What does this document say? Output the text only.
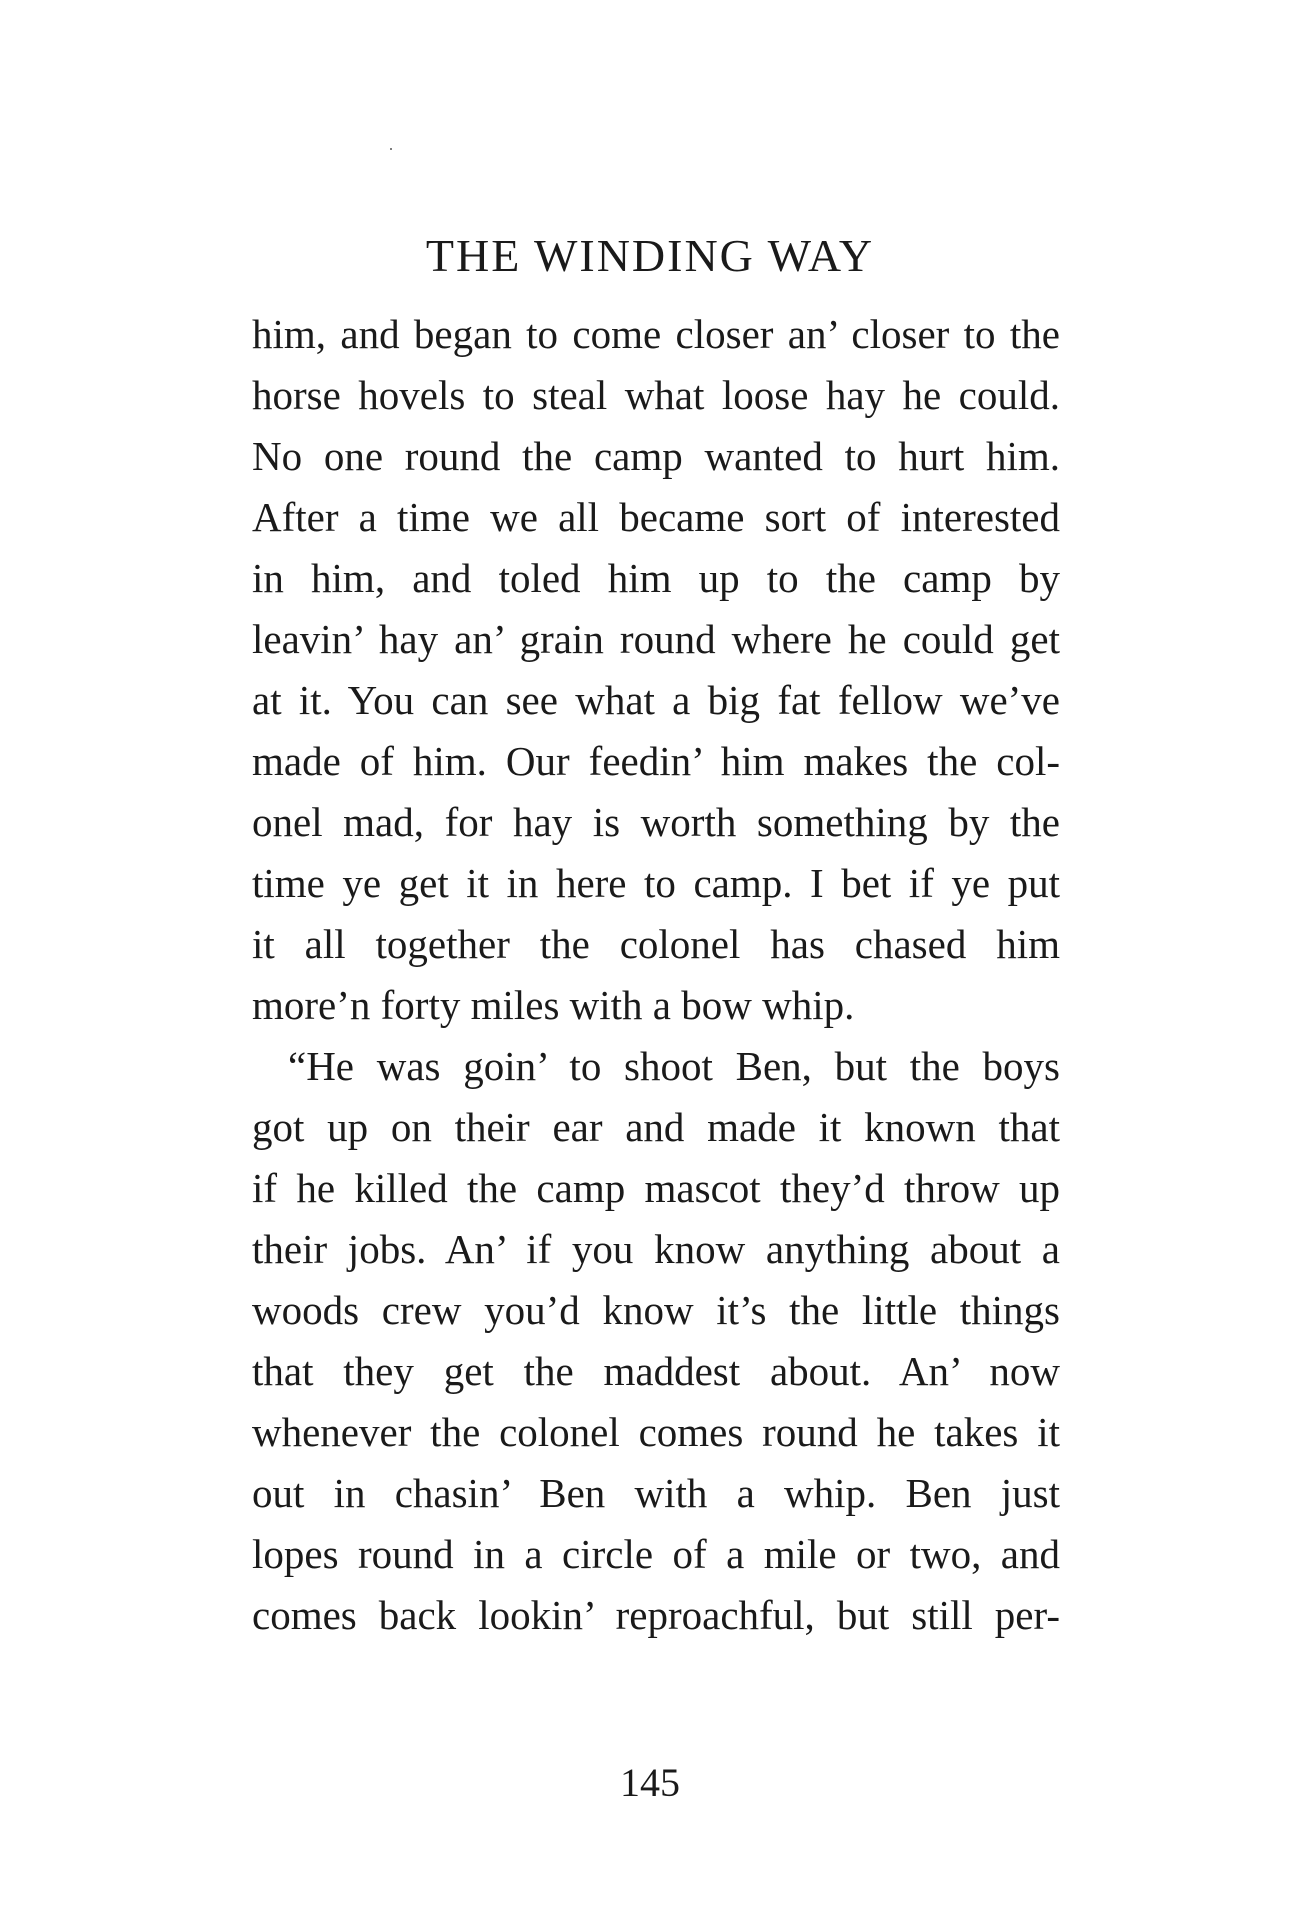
THE WINDING WAY
him, and began to come closer an’ closer to the
horse hovels to steal what loose hay he could.
No one round the camp wanted to hurt him.
After a time we all became sort of interested
in him, and toled him up to the camp by
leavin’ hay an’ grain round where he could get
at it. You can see what a big fat fellow we’ve
made of him. Our feedin’ him makes the col-
onel mad, for hay is worth something by the
time ye get it in here to camp. I bet if ye put
it all together the colonel has chased him
more’n forty miles with a bow whip.
“He was goin’ to shoot Ben, but the boys
got up on their ear and made it known that
if he killed the camp mascot they’d throw up
their jobs. An’ if you know anything about a
woods crew you’d know it’s the little things
that they get the maddest about. An’ now
whenever the colonel comes round he takes it
out in chasin’ Ben with a whip. Ben just
lopes round in a circle of a mile or two, and
comes back lookin’ reproachful, but still per-
145
